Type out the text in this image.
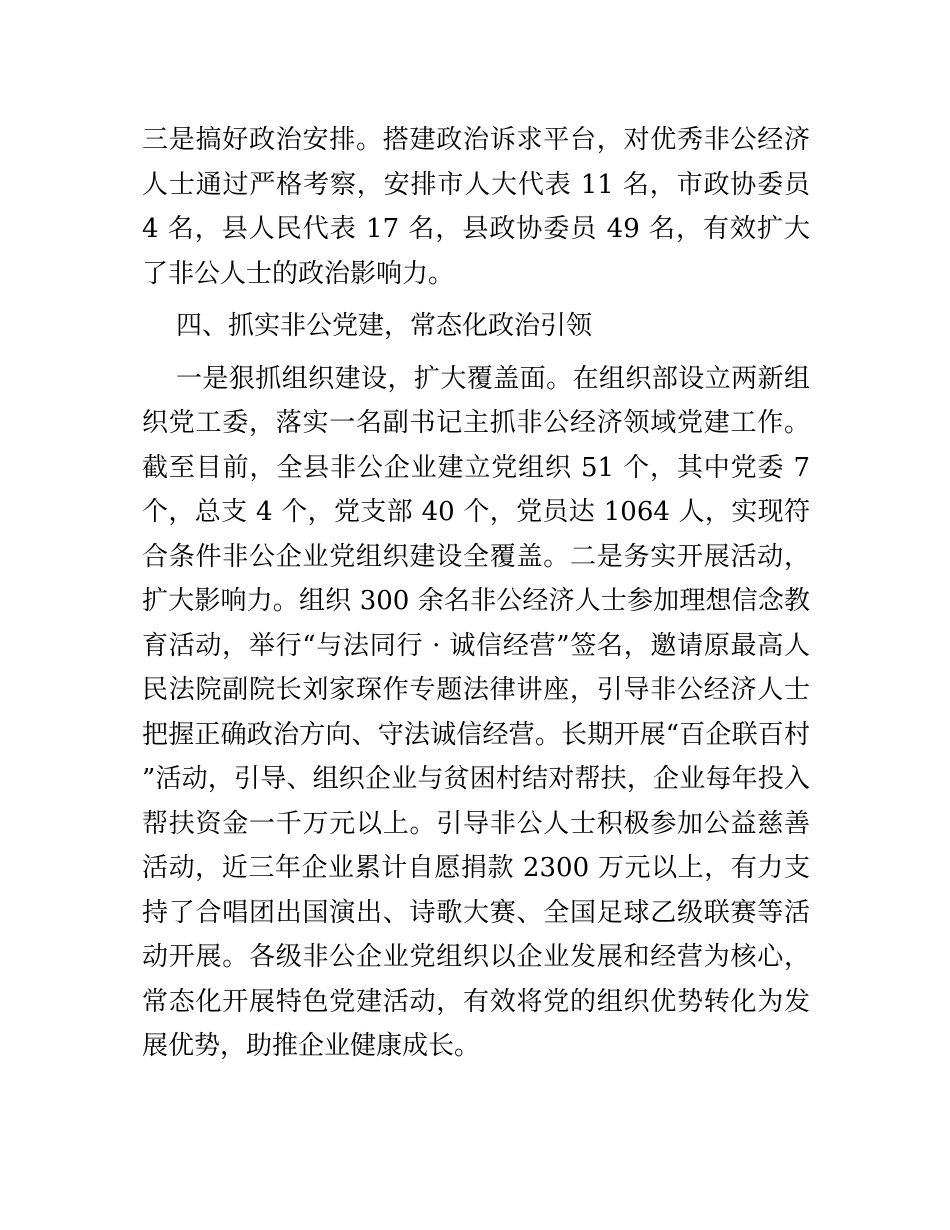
三是搞好政治安排。搭建政治诉求平台，对优秀非公经济人士通过严格考察，安排市人大代表 11 名，市政协委员 4 名，县人民代表 17 名，县政协委员 49 名，有效扩大了非公人士的政治影响力。

四、抓实非公党建，常态化政治引领

一是狠抓组织建设，扩大覆盖面。在组织部设立两新组织党工委，落实一名副书记主抓非公经济领域党建工作。截至目前，全县非公企业建立党组织 51 个，其中党委 7 个，总支 4 个，党支部 40 个，党员达 1064 人，实现符合条件非公企业党组织建设全覆盖。二是务实开展活动，扩大影响力。组织 300 余名非公经济人士参加理想信念教育活动，举行“与法同行 · 诚信经营”签名，邀请原最高人民法院副院长刘家琛作专题法律讲座，引导非公经济人士把握正确政治方向、守法诚信经营。长期开展“百企联百村”活动，引导、组织企业与贫困村结对帮扶，企业每年投入帮扶资金一千万元以上。引导非公人士积极参加公益慈善活动，近三年企业累计自愿捐款 2300 万元以上，有力支持了合唱团出国演出、诗歌大赛、全国足球乙级联赛等活动开展。各级非公企业党组织以企业发展和经营为核心，常态化开展特色党建活动，有效将党的组织优势转化为发展优势，助推企业健康成长。
